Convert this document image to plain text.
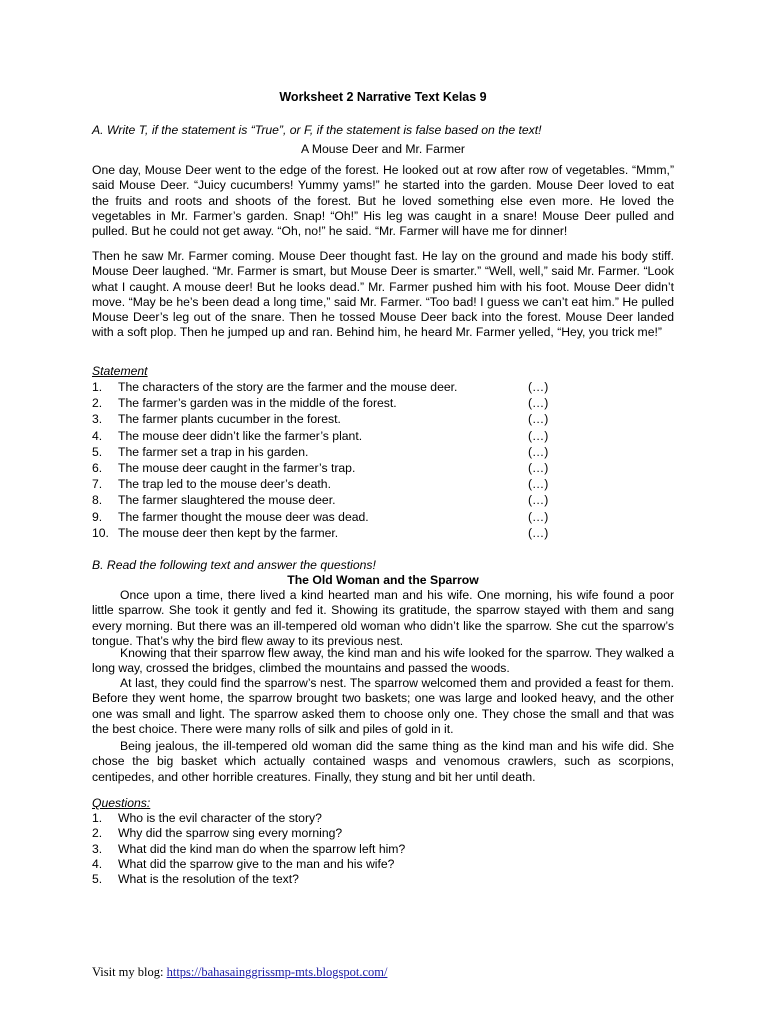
Worksheet 2 Narrative Text Kelas 9
A. Write T, if the statement is “True”, or F, if the statement is false based on the text!
A Mouse Deer and Mr. Farmer

One day, Mouse Deer went to the edge of the forest. He looked out at row after row of vegetables. “Mmm,” said Mouse Deer. “Juicy cucumbers! Yummy yams!” he started into the garden. Mouse Deer loved to eat the fruits and roots and shoots of the forest. But he loved something else even more. He loved the vegetables in Mr. Farmer’s garden. Snap! “Oh!” His leg was caught in a snare! Mouse Deer pulled and pulled. But he could not get away. “Oh, no!” he said. “Mr. Farmer will have me for dinner!

Then he saw Mr. Farmer coming. Mouse Deer thought fast. He lay on the ground and made his body stiff. Mouse Deer laughed. “Mr. Farmer is smart, but Mouse Deer is smarter.” “Well, well,” said Mr. Farmer. “Look what I caught. A mouse deer! But he looks dead.” Mr. Farmer pushed him with his foot. Mouse Deer didn’t move. “May be he’s been dead a long time,” said Mr. Farmer. “Too bad! I guess we can’t eat him.” He pulled Mouse Deer’s leg out of the snare. Then he tossed Mouse Deer back into the forest. Mouse Deer landed with a soft plop. Then he jumped up and ran. Behind him, he heard Mr. Farmer yelled, “Hey, you trick me!”

Statement
1. The characters of the story are the farmer and the mouse deer.	(…)
2. The farmer’s garden was in the middle of the forest.	(…)
3. The farmer plants cucumber in the forest.	(…)
4. The mouse deer didn’t like the farmer’s plant.	(…)
5. The farmer set a trap in his garden.	(…)
6. The mouse deer caught in the farmer’s trap.	(…)
7. The trap led to the mouse deer’s death.	(…)
8. The farmer slaughtered the mouse deer.	(…)
9. The farmer thought the mouse deer was dead.	(…)
10. The mouse deer then kept by the farmer.	(…)
B. Read the following text and answer the questions!
The Old Woman and the Sparrow

Once upon a time, there lived a kind hearted man and his wife. One morning, his wife found a poor little sparrow. She took it gently and fed it. Showing its gratitude, the sparrow stayed with them and sang every morning. But there was an ill-tempered old woman who didn’t like the sparrow. She cut the sparrow’s tongue. That’s why the bird flew away to its previous nest.

Knowing that their sparrow flew away, the kind man and his wife looked for the sparrow. They walked a long way, crossed the bridges, climbed the mountains and passed the woods.

At last, they could find the sparrow’s nest. The sparrow welcomed them and provided a feast for them. Before they went home, the sparrow brought two baskets; one was large and looked heavy, and the other one was small and light. The sparrow asked them to choose only one. They chose the small and that was the best choice. There were many rolls of silk and piles of gold in it.

Being jealous, the ill-tempered old woman did the same thing as the kind man and his wife did. She chose the big basket which actually contained wasps and venomous crawlers, such as scorpions, centipedes, and other horrible creatures. Finally, they stung and bit her until death.

Questions:
1. Who is the evil character of the story?
2. Why did the sparrow sing every morning?
3. What did the kind man do when the sparrow left him?
4. What did the sparrow give to the man and his wife?
5. What is the resolution of the text?
Visit my blog: https://bahasainggrissmp-mts.blogspot.com/
